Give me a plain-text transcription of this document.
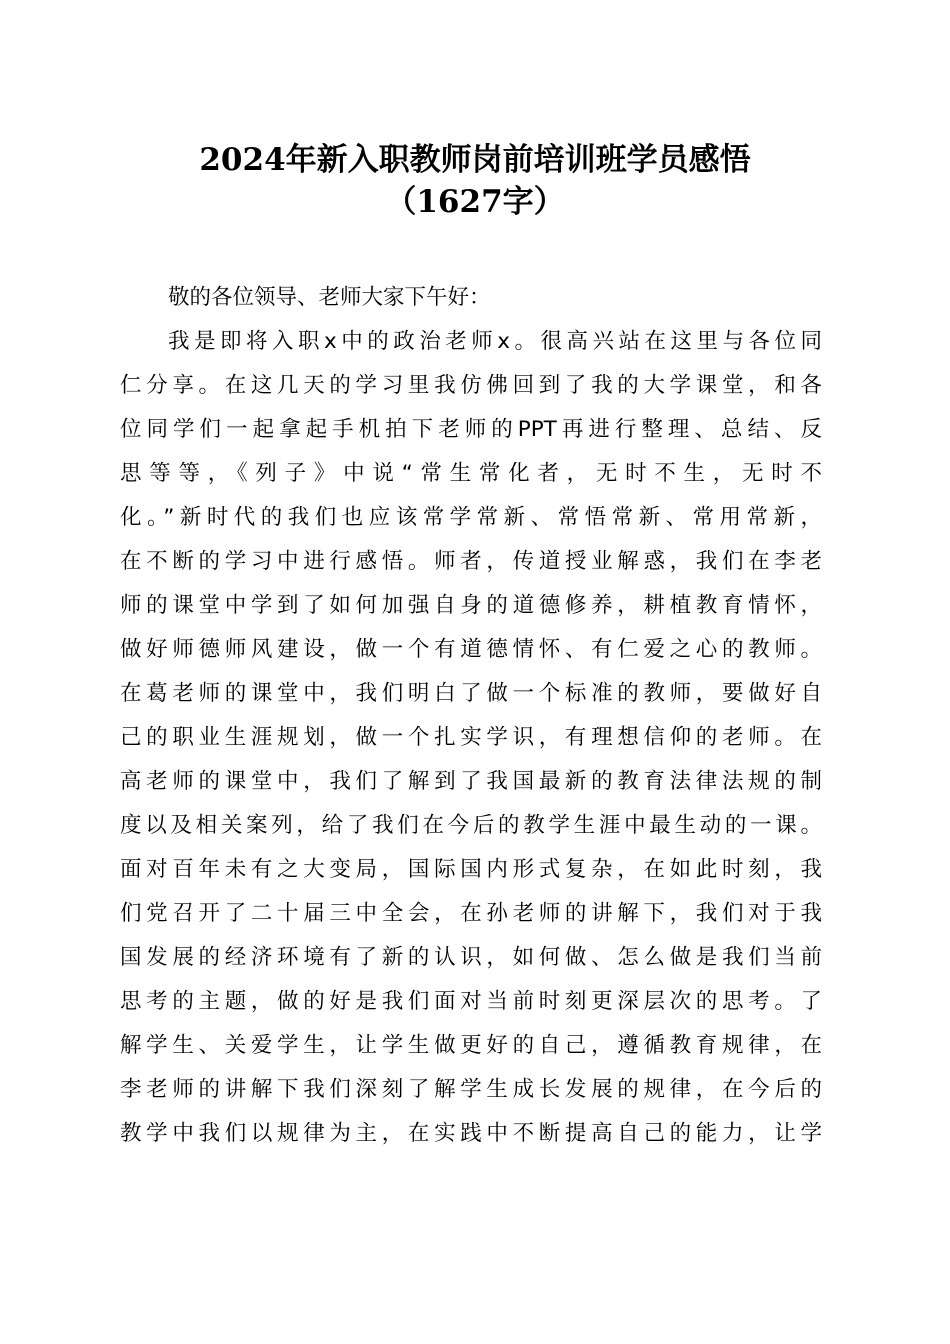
2024年新入职教师岗前培训班学员感悟
（1627字）
敬的各位领导、老师大家下午好：
我是即将入职x中的政治老师x。很高兴站在这里与各位同
仁分享。在这几天的学习里我仿佛回到了我的大学课堂，和各
位同学们一起拿起手机拍下老师的PPT再进行整理、总结、反
思等等，《列子》中说“常生常化者，无时不生，无时不
化。”新时代的我们也应该常学常新、常悟常新、常用常新，
在不断的学习中进行感悟。师者，传道授业解惑，我们在李老
师的课堂中学到了如何加强自身的道德修养，耕植教育情怀，
做好师德师风建设，做一个有道德情怀、有仁爱之心的教师。
在葛老师的课堂中，我们明白了做一个标准的教师，要做好自
己的职业生涯规划，做一个扎实学识，有理想信仰的老师。在
高老师的课堂中，我们了解到了我国最新的教育法律法规的制
度以及相关案列，给了我们在今后的教学生涯中最生动的一课。
面对百年未有之大变局，国际国内形式复杂，在如此时刻，我
们党召开了二十届三中全会，在孙老师的讲解下，我们对于我
国发展的经济环境有了新的认识，如何做、怎么做是我们当前
思考的主题，做的好是我们面对当前时刻更深层次的思考。了
解学生、关爱学生，让学生做更好的自己，遵循教育规律，在
李老师的讲解下我们深刻了解学生成长发展的规律，在今后的
教学中我们以规律为主，在实践中不断提高自己的能力，让学
